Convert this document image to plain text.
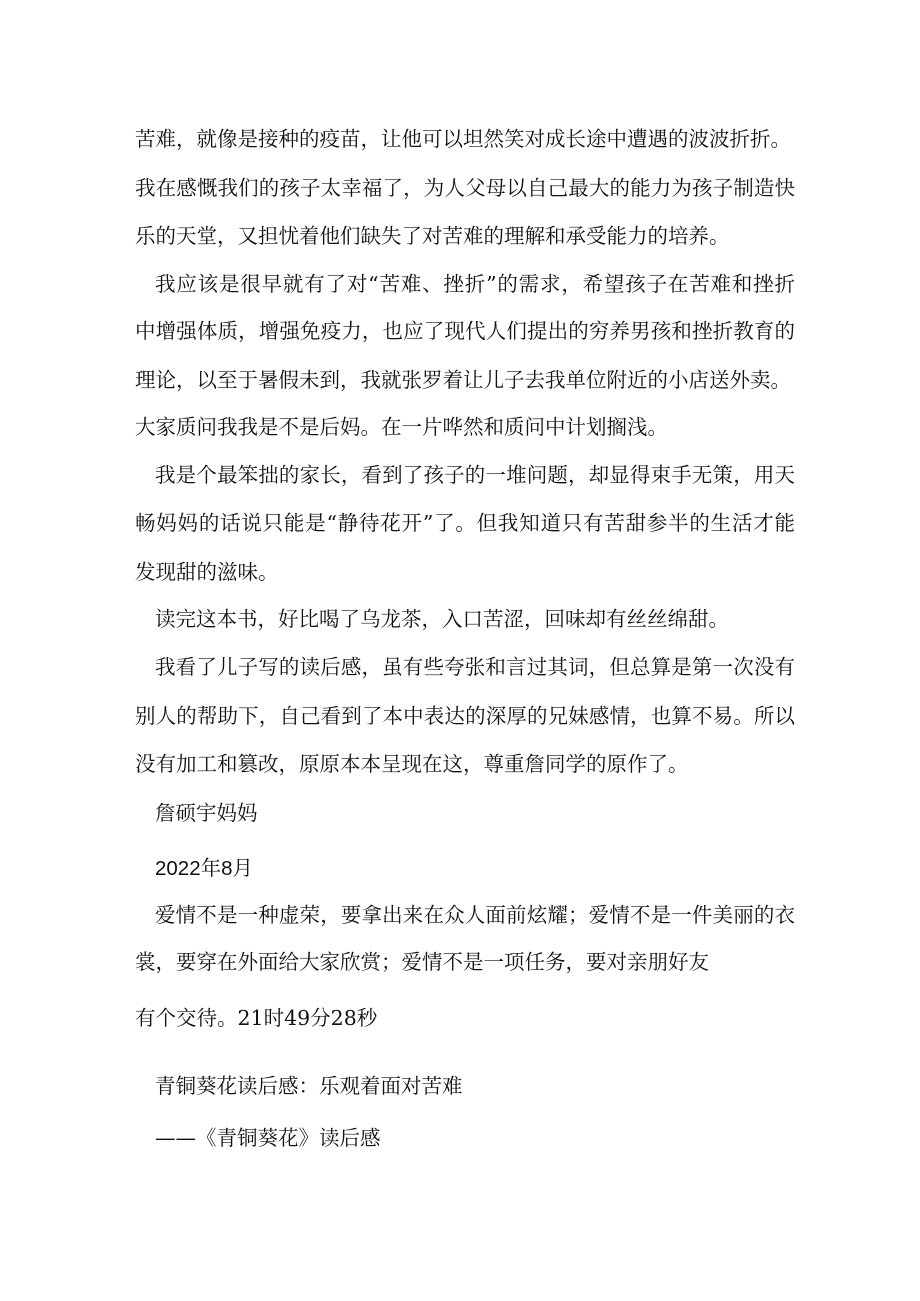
苦难，就像是接种的疫苗，让他可以坦然笑对成长途中遭遇的波波折折。
我在感慨我们的孩子太幸福了，为人父母以自己最大的能力为孩子制造快
乐的天堂，又担忧着他们缺失了对苦难的理解和承受能力的培养。
我应该是很早就有了对“苦难、挫折”的需求，希望孩子在苦难和挫折
中增强体质，增强免疫力，也应了现代人们提出的穷养男孩和挫折教育的
理论，以至于暑假未到，我就张罗着让儿子去我单位附近的小店送外卖。
大家质问我我是不是后妈。在一片哗然和质问中计划搁浅。
我是个最笨拙的家长，看到了孩子的一堆问题，却显得束手无策，用天
畅妈妈的话说只能是“静待花开”了。但我知道只有苦甜参半的生活才能
发现甜的滋味。
读完这本书，好比喝了乌龙茶，入口苦涩，回味却有丝丝绵甜。
我看了儿子写的读后感，虽有些夸张和言过其词，但总算是第一次没有
别人的帮助下，自己看到了本中表达的深厚的兄妹感情，也算不易。所以
没有加工和篡改，原原本本呈现在这，尊重詹同学的原作了。
詹硕宇妈妈
2022年8月
爱情不是一种虚荣，要拿出来在众人面前炫耀；爱情不是一件美丽的衣
裳，要穿在外面给大家欣赏；爱情不是一项任务，要对亲朋好友
有个交待。21时49分28秒
青铜葵花读后感：乐观着面对苦难
——《青铜葵花》读后感
